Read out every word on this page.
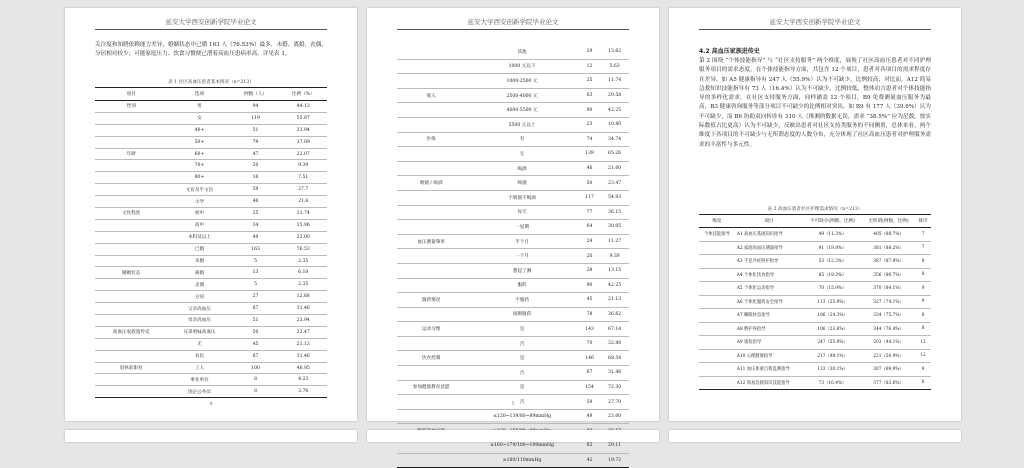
延安大学西安创新学院毕业论文
关注度和知晓依赖能力差异，婚姻状态中已婚 163 人（76.53%）最多，未婚、离婚、丧偶，分居相对较少；可能家庭压力、饮食习惯便已潜着高血压患病率高，详见表 1。
表 1 社区高血压患者基本情况（n=213）
项目	选项	例数（人）	比例（%）
性别	男	94	44.13
	女	119	55.87
	40+	51	23.94
	50+	79	37.09
年龄	60+	47	22.07
	70+	20	9.39
	80+	16	7.51
	文盲及半文盲	59	27.7
	小学	46	21.6
文化程度	初中	25	11.74
	高中	34	15.96
	本科及以上	49	23.00
	已婚	163	76.53
	未婚	5	2.35
婚姻状态	离婚	13	6.10
	丧偶	5	2.35
	分居	27	12.68
	父亲高血压	67	31.46
	母亲高血压	51	23.94
高血压家族遗传史	兄弟姐妹高血压	50	23.47
	无	45	21.13
	农民	67	31.46
退休前职业	工人	100	46.95
	事业单位	8	4.23
	国企公务员	8	3.76
4
延安大学西安创新学院毕业论文
	其他	29	13.62
	1000 元以下	12	5.63
	1000-2500 元	25	11.74
收入	2500-4000 元	63	29.58
	4000-5500 元	90	42.25
	5500 元以上	23	10.80
医保	有	74	34.74
	无	139	65.26
	喝酒	46	21.60
吸烟 / 喝酒	吸烟	50	23.47
	不吸烟不喝酒	117	54.93
	每天	77	36.15
	一星期	64	30.05
血压测量频率	半个月	24	11.27
	一个月	20	9.39
	想起了测	28	13.15
	服药	90	42.25
服药情况	不服药	45	21.13
	间断服药	78	36.62
运动习惯	是	143	67.14
	否	70	32.86
饮食控制	是	146	68.54
	否	67	31.46
参加健康教育意愿	是	154	72.30
	否	59	27.70
	≤120~139/80~89mmHg	49	23.00

	≥160~179/100~109mmHg	62	29.11
	≥180/110mmHg	42	19.72
5
延安大学西安创新学院毕业论文
4.2 高血压家族进传史
第 2 围绕 “个体技能指导” 与 “社区支持服务” 两个维度，展现了社区高血压患者对不同护理服务项目的需求态度。在个体技能指导方面，共包含 12 个项目，患者对各项目的需求程度存在差异。如 A5 健康指导有 247 人（55.9%）认为不可缺少，比例较高；对比而，A12 简易急救知识技能指导有 73 人（16.4%）认为不可缺少，比例较低，整体而言患者对个体技能指导的多样化需求。在社区支持服务方面，同样涵盖 12 个项目，B9 免费测量血压服务为最高，B3 健康咨询服务等部分项目不可缺少的比例相对突出，如 B9 有 177 人（39.6%）认为不可缺少，而 B6 协助双向转诊有 310 人（推测的数据无误，需求 “38.5%” 应为尼数，按实际数值占比更高）认为不可缺少，反映出患者对社区支持类服务的不同侧重，总体来看，两个维度下各项目的不可缺少与无所谓态度的人数分布，充分体现了社区高血压患者对护理服务需求的丰富性与多元性。
表 2 高血压患者社区护理需求情况（n=213）
维度	项目	不可缺少(例数，比例)	无所谓(例数，比例)	排序
个体技能指导	A1 高血压基础知识指导	49（11.3%）	405（88.7%）	7
	A2 家庭高血压测量指导	91（19.8%）	381（88.2%）	7
	A3 手足冷症照护指导	53（12.3%）	387（87.9%）	8
	A4 个体化饮食指导	85（19.3%）	356（80.7%）	8
	A5 个体化运动指导	70（15.9%）	370（84.1%）	9
	A6 个体化服药安全指导	113（25.9%）	327（74.1%）	9
	A7 睡眠休息指导	106（24.3%）	334（75.7%）	8
	A8 脾护养指导	106（23.6%）	344（76.4%）	8
	A9 康复指导	247（55.9%）	203（44.1%）	12
	A10 心理健康指导	217（49.1%）	221（50.9%）	12
	A11 血压体重自我监测指导	133（30.1%）	307（69.9%）	9
	A12 简易急救知识技能指导	73（16.4%）	377（83.6%）	6
